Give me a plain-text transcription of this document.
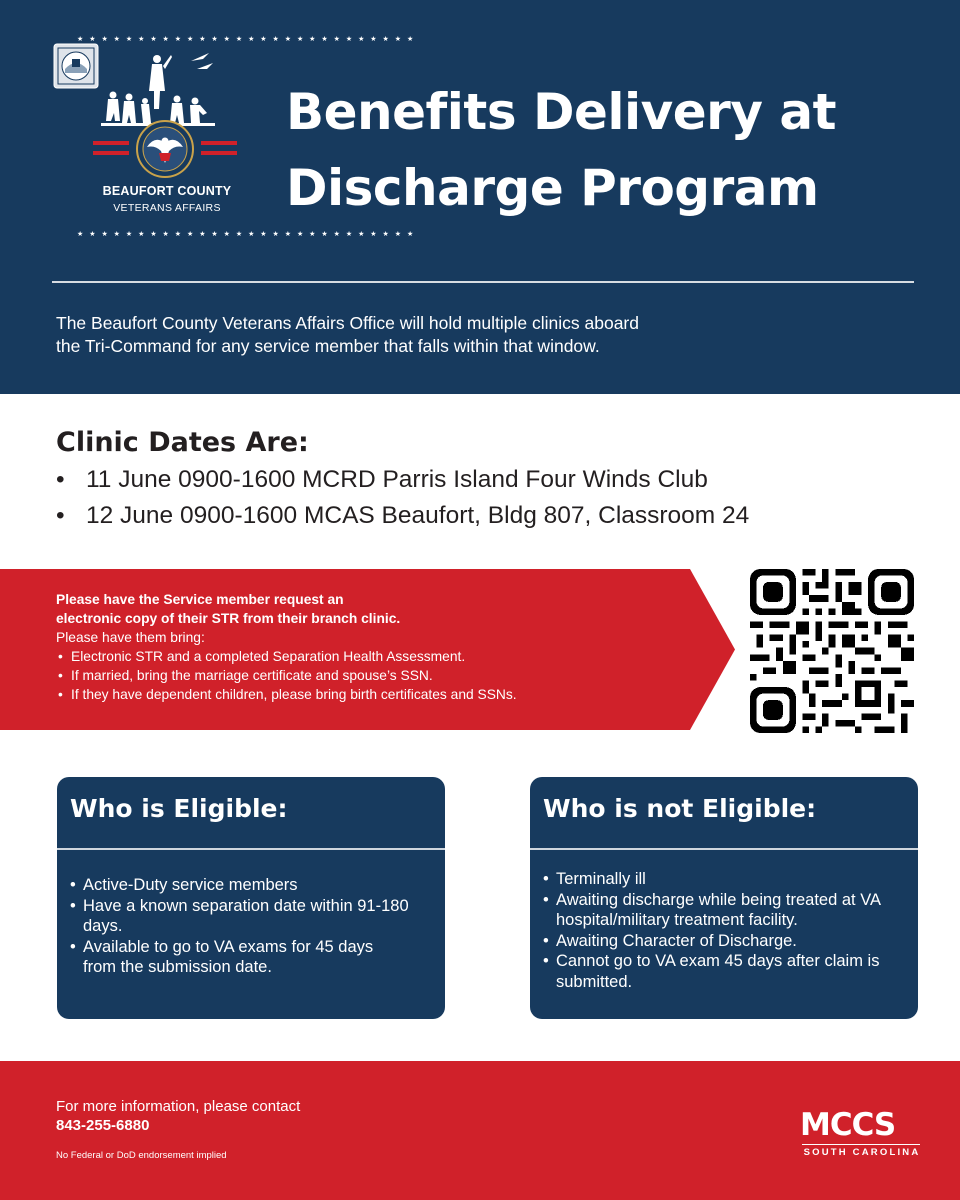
★ ★ ★ ★ ★ ★ ★ ★ ★ ★ ★ ★ ★ ★ ★ ★ ★ ★ ★ ★ ★ ★ ★ ★ ★ ★ ★ ★
BEAUFORT COUNTY
VETERANS AFFAIRS
★ ★ ★ ★ ★ ★ ★ ★ ★ ★ ★ ★ ★ ★ ★ ★ ★ ★ ★ ★ ★ ★ ★ ★ ★ ★ ★ ★
Benefits Delivery at
Discharge Program

The Beaufort County Veterans Affairs Office will hold multiple clinics aboard
the Tri-Command for any service member that falls within that window.

Clinic Dates Are:
• 11 June 0900-1600 MCRD Parris Island Four Winds Club
• 12 June 0900-1600 MCAS Beaufort, Bldg 807, Classroom 24
Please have the Service member request an
electronic copy of their STR from their branch clinic.
Please have them bring:
• Electronic STR and a completed Separation Health Assessment.
• If married, bring the marriage certificate and spouse’s SSN.
• If they have dependent children, please bring birth certificates and SSNs.
Who is Eligible:
• Active-Duty service members
• Have a known separation date within 91-180 days.
• Available to go to VA exams for 45 days from the submission date.
Who is not Eligible:
• Terminally ill
• Awaiting discharge while being treated at VA hospital/military treatment facility.
• Awaiting Character of Discharge.
• Cannot go to VA exam 45 days after claim is submitted.
For more information, please contact
843-255-6880
No Federal or DoD endorsement implied
MCCS
SOUTH CAROLINA
